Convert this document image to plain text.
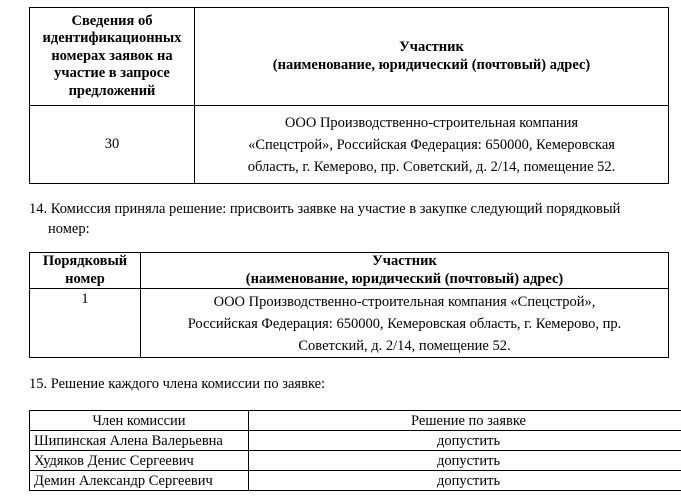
Сведения об идентификационных номерах заявок на участие в запросе предложений	Участник
(наименование, юридический (почтовый) адрес)

30	ООО Производственно-строительная компания
«Спецстрой», Российская Федерация: 650000, Кемеровская
область, г. Кемерово, пр. Советский, д. 2/14, помещение 52.
14. Комиссия приняла решение: присвоить заявке на участие в закупке следующий порядковый
номер:
Порядковый номер	Участник
(наименование, юридический (почтовый) адрес)

1	ООО Производственно-строительная компания «Спецстрой»,
Российская Федерация: 650000, Кемеровская область, г. Кемерово, пр.
Советский, д. 2/14, помещение 52.
15. Решение каждого члена комиссии по заявке:
Член комиссии	Решение по заявке
Шипинская Алена Валерьевна	допустить
Худяков Денис Сергеевич	допустить
Демин Александр Сергеевич	допустить
